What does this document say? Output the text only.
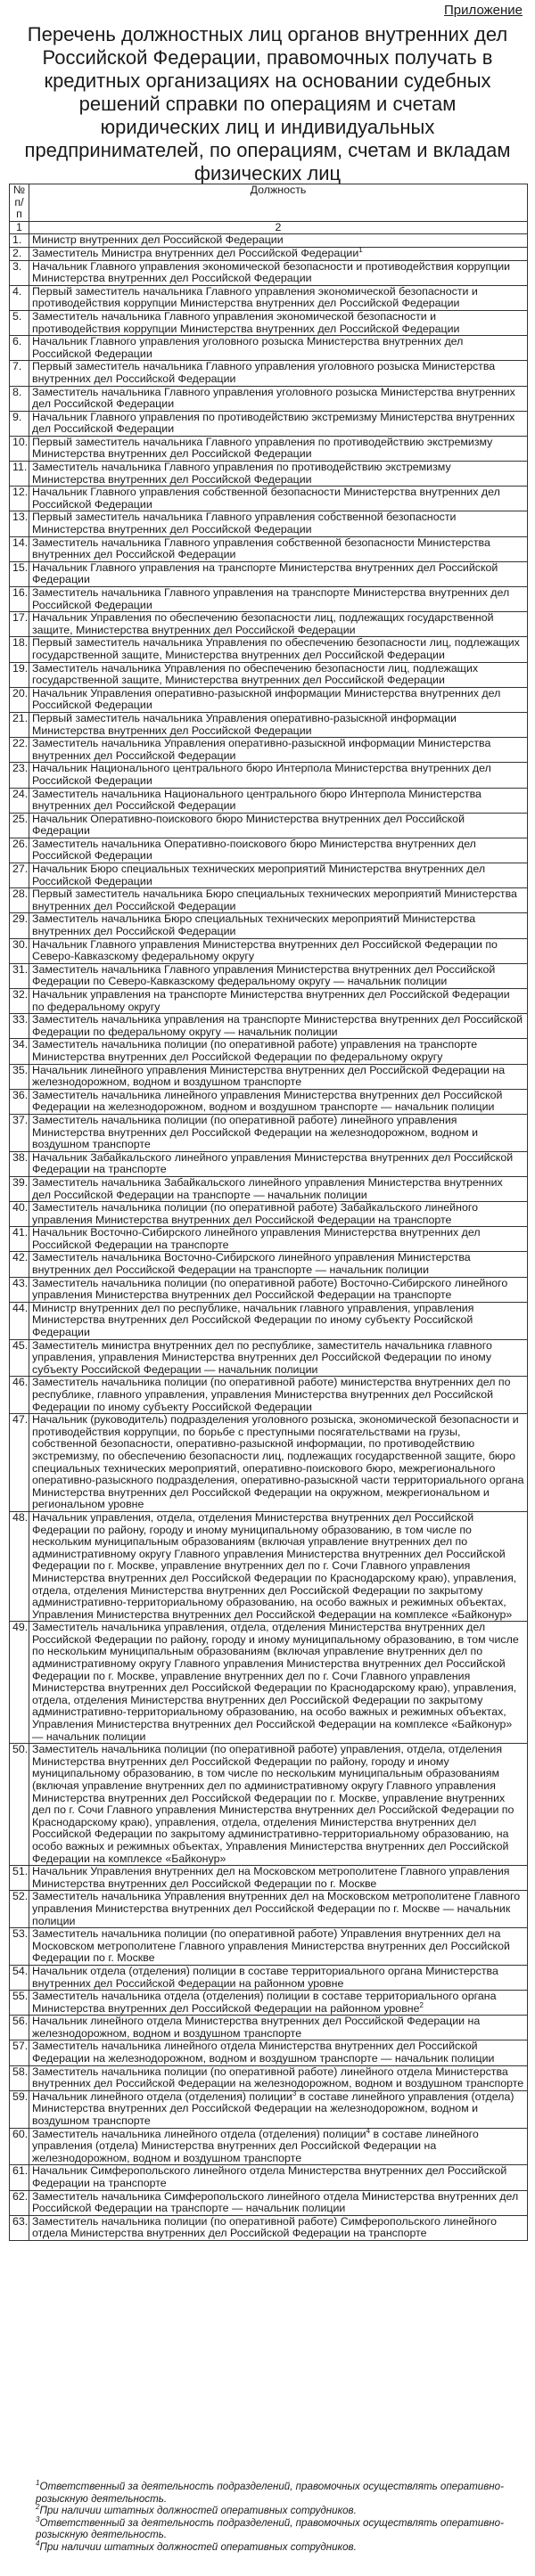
Приложение
Перечень должностных лиц органов внутренних дел Российской Федерации, правомочных получать в кредитных организациях на основании судебных решений справки по операциям и счетам юридических лиц и индивидуальных предпринимателей, по операциям, счетам и вкладам физических лиц
№ п/п	Должность
1	2
1.	Министр внутренних дел Российской Федерации
2.	Заместитель Министра внутренних дел Российской Федерации$^1$
3.	Начальник Главного управления экономической безопасности и противодействия коррупции Министерства внутренних дел Российской Федерации
4.	Первый заместитель начальника Главного управления экономической безопасности и противодействия коррупции Министерства внутренних дел Российской Федерации
5.	Заместитель начальника Главного управления экономической безопасности и противодействия коррупции Министерства внутренних дел Российской Федерации
6.	Начальник Главного управления уголовного розыска Министерства внутренних дел Российской Федерации
7.	Первый заместитель начальника Главного управления уголовного розыска Министерства внутренних дел Российской Федерации
8.	Заместитель начальника Главного управления уголовного розыска Министерства внутренних дел Российской Федерации
9.	Начальник Главного управления по противодействию экстремизму Министерства внутренних дел Российской Федерации
10.	Первый заместитель начальника Главного управления по противодействию экстремизму Министерства внутренних дел Российской Федерации
11.	Заместитель начальника Главного управления по противодействию экстремизму Министерства внутренних дел Российской Федерации
12.	Начальник Главного управления собственной безопасности Министерства внутренних дел Российской Федерации
13.	Первый заместитель начальника Главного управления собственной безопасности Министерства внутренних дел Российской Федерации
14.	Заместитель начальника Главного управления собственной безопасности Министерства внутренних дел Российской Федерации
15.	Начальник Главного управления на транспорте Министерства внутренних дел Российской Федерации
16.	Заместитель начальника Главного управления на транспорте Министерства внутренних дел Российской Федерации
17.	Начальник Управления по обеспечению безопасности лиц, подлежащих государственной защите, Министерства внутренних дел Российской Федерации
18.	Первый заместитель начальника Управления по обеспечению безопасности лиц, подлежащих государственной защите, Министерства внутренних дел Российской Федерации
19.	Заместитель начальника Управления по обеспечению безопасности лиц, подлежащих государственной защите, Министерства внутренних дел Российской Федерации
20.	Начальник Управления оперативно-разыскной информации Министерства внутренних дел Российской Федерации
21.	Первый заместитель начальника Управления оперативно-разыскной информации Министерства внутренних дел Российской Федерации
22.	Заместитель начальника Управления оперативно-разыскной информации Министерства внутренних дел Российской Федерации
23.	Начальник Национального центрального бюро Интерпола Министерства внутренних дел Российской Федерации
24.	Заместитель начальника Национального центрального бюро Интерпола Министерства внутренних дел Российской Федерации
25.	Начальник Оперативно-поискового бюро Министерства внутренних дел Российской Федерации
26.	Заместитель начальника Оперативно-поискового бюро Министерства внутренних дел Российской Федерации
27.	Начальник Бюро специальных технических мероприятий Министерства внутренних дел Российской Федерации
28.	Первый заместитель начальника Бюро специальных технических мероприятий Министерства внутренних дел Российской Федерации
29.	Заместитель начальника Бюро специальных технических мероприятий Министерства внутренних дел Российской Федерации
30.	Начальник Главного управления Министерства внутренних дел Российской Федерации по Северо-Кавказскому федеральному округу
31.	Заместитель начальника Главного управления Министерства внутренних дел Российской Федерации по Северо-Кавказскому федеральному округу — начальник полиции
32.	Начальник управления на транспорте Министерства внутренних дел Российской Федерации по федеральному округу
33.	Заместитель начальника управления на транспорте Министерства внутренних дел Российской Федерации по федеральному округу — начальник полиции
34.	Заместитель начальника полиции (по оперативной работе) управления на транспорте Министерства внутренних дел Российской Федерации по федеральному округу
35.	Начальник линейного управления Министерства внутренних дел Российской Федерации на железнодорожном, водном и воздушном транспорте
36.	Заместитель начальника линейного управления Министерства внутренних дел Российской Федерации на железнодорожном, водном и воздушном транспорте — начальник полиции
37.	Заместитель начальника полиции (по оперативной работе) линейного управления Министерства внутренних дел Российской Федерации на железнодорожном, водном и воздушном транспорте
38.	Начальник Забайкальского линейного управления Министерства внутренних дел Российской Федерации на транспорте
39.	Заместитель начальника Забайкальского линейного управления Министерства внутренних дел Российской Федерации на транспорте — начальник полиции
40.	Заместитель начальника полиции (по оперативной работе) Забайкальского линейного управления Министерства внутренних дел Российской Федерации на транспорте
41.	Начальник Восточно-Сибирского линейного управления Министерства внутренних дел Российской Федерации на транспорте
42.	Заместитель начальника Восточно-Сибирского линейного управления Министерства внутренних дел Российской Федерации на транспорте — начальник полиции
43.	Заместитель начальника полиции (по оперативной работе) Восточно-Сибирского линейного управления Министерства внутренних дел Российской Федерации на транспорте
44.	Министр внутренних дел по республике, начальник главного управления, управления Министерства внутренних дел Российской Федерации по иному субъекту Российской Федерации
45.	Заместитель министра внутренних дел по республике, заместитель начальника главного управления, управления Министерства внутренних дел Российской Федерации по иному субъекту Российской Федерации — начальник полиции
46.	Заместитель начальника полиции (по оперативной работе) министерства внутренних дел по республике, главного управления, управления Министерства внутренних дел Российской Федерации по иному субъекту Российской Федерации
47.	Начальник (руководитель) подразделения уголовного розыска, экономической безопасности и противодействия коррупции, по борьбе с преступными посягательствами на грузы, собственной безопасности, оперативно-разыскной информации, по противодействию экстремизму, по обеспечению безопасности лиц, подлежащих государственной защите, бюро специальных технических мероприятий, оперативно-поискового бюро, межрегионального оперативно-разыскного подразделения, оперативно-разыскной части территориального органа Министерства внутренних дел Российской Федерации на окружном, межрегиональном и региональном уровне
48.	Начальник управления, отдела, отделения Министерства внутренних дел Российской Федерации по району, городу и иному муниципальному образованию, в том числе по нескольким муниципальным образованиям (включая управление внутренних дел по административному округу Главного управления Министерства внутренних дел Российской Федерации по г. Москве, управление внутренних дел по г. Сочи Главного управления Министерства внутренних дел Российской Федерации по Краснодарскому краю), управления, отдела, отделения Министерства внутренних дел Российской Федерации по закрытому административно-территориальному образованию, на особо важных и режимных объектах, Управления Министерства внутренних дел Российской Федерации на комплексе «Байконур»
49.	Заместитель начальника управления, отдела, отделения Министерства внутренних дел Российской Федерации по району, городу и иному муниципальному образованию, в том числе по нескольким муниципальным образованиям (включая управление внутренних дел по административному округу Главного управления Министерства внутренних дел Российской Федерации по г. Москве, управление внутренних дел по г. Сочи Главного управления Министерства внутренних дел Российской Федерации по Краснодарскому краю), управления, отдела, отделения Министерства внутренних дел Российской Федерации по закрытому административно-территориальному образованию, на особо важных и режимных объектах, Управления Министерства внутренних дел Российской Федерации на комплексе «Байконур» — начальник полиции
50.	Заместитель начальника полиции (по оперативной работе) управления, отдела, отделения Министерства внутренних дел Российской Федерации по району, городу и иному муниципальному образованию, в том числе по нескольким муниципальным образованиям (включая управление внутренних дел по административному округу Главного управления Министерства внутренних дел Российской Федерации по г. Москве, управление внутренних дел по г. Сочи Главного управления Министерства внутренних дел Российской Федерации по Краснодарскому краю), управления, отдела, отделения Министерства внутренних дел Российской Федерации по закрытому административно-территориальному образованию, на особо важных и режимных объектах, Управления Министерства внутренних дел Российской Федерации на комплексе «Байконур»
51.	Начальник Управления внутренних дел на Московском метрополитене Главного управления Министерства внутренних дел Российской Федерации по г. Москве
52.	Заместитель начальника Управления внутренних дел на Московском метрополитене Главного управления Министерства внутренних дел Российской Федерации по г. Москве — начальник полиции
53.	Заместитель начальника полиции (по оперативной работе) Управления внутренних дел на Московском метрополитене Главного управления Министерства внутренних дел Российской Федерации по г. Москве
54.	Начальник отдела (отделения) полиции в составе территориального органа Министерства внутренних дел Российской Федерации на районном уровне
55.	Заместитель начальника отдела (отделения) полиции в составе территориального органа Министерства внутренних дел Российской Федерации на районном уровне$^2$
56.	Начальник линейного отдела Министерства внутренних дел Российской Федерации на железнодорожном, водном и воздушном транспорте
57.	Заместитель начальника линейного отдела Министерства внутренних дел Российской Федерации на железнодорожном, водном и воздушном транспорте — начальник полиции
58.	Заместитель начальника полиции (по оперативной работе) линейного отдела Министерства внутренних дел Российской Федерации на железнодорожном, водном и воздушном транспорте
59.	Начальник линейного отдела (отделения) полиции$^3$ в составе линейного управления (отдела) Министерства внутренних дел Российской Федерации на железнодорожном, водном и воздушном транспорте
60.	Заместитель начальника линейного отдела (отделения) полиции$^4$ в составе линейного управления (отдела) Министерства внутренних дел Российской Федерации на железнодорожном, водном и воздушном транспорте
61.	Начальник Симферопольского линейного отдела Министерства внутренних дел Российской Федерации на транспорте
62.	Заместитель начальника Симферопольского линейного отдела Министерства внутренних дел Российской Федерации на транспорте — начальник полиции
63.	Заместитель начальника полиции (по оперативной работе) Симферопольского линейного отдела Министерства внутренних дел Российской Федерации на транспорте

$^1$Ответственный за деятельность подразделений, правомочных осуществлять оперативно-розыскную деятельность.

$^2$При наличии штатных должностей оперативных сотрудников.

$^3$Ответственный за деятельность подразделений, правомочных осуществлять оперативно-розыскную деятельность.

$^4$При наличии штатных должностей оперативных сотрудников.
